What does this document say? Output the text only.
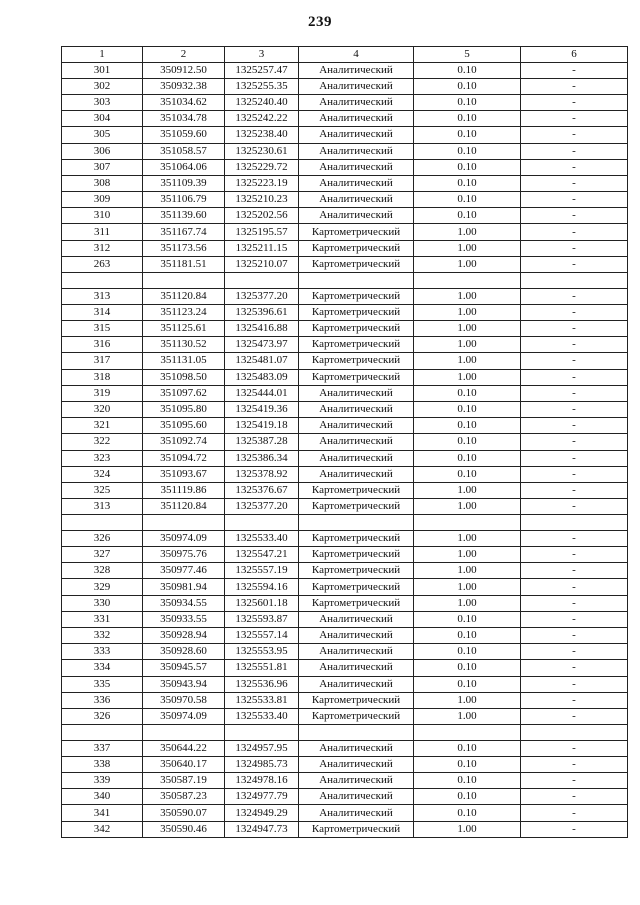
239
1	2	3	4	5	6
301	350912.50	1325257.47	Аналитический	0.10	-
302	350932.38	1325255.35	Аналитический	0.10	-
303	351034.62	1325240.40	Аналитический	0.10	-
304	351034.78	1325242.22	Аналитический	0.10	-
305	351059.60	1325238.40	Аналитический	0.10	-
306	351058.57	1325230.61	Аналитический	0.10	-
307	351064.06	1325229.72	Аналитический	0.10	-
308	351109.39	1325223.19	Аналитический	0.10	-
309	351106.79	1325210.23	Аналитический	0.10	-
310	351139.60	1325202.56	Аналитический	0.10	-
311	351167.74	1325195.57	Картометрический	1.00	-
312	351173.56	1325211.15	Картометрический	1.00	-
263	351181.51	1325210.07	Картометрический	1.00	-

313	351120.84	1325377.20	Картометрический	1.00	-
314	351123.24	1325396.61	Картометрический	1.00	-
315	351125.61	1325416.88	Картометрический	1.00	-
316	351130.52	1325473.97	Картометрический	1.00	-
317	351131.05	1325481.07	Картометрический	1.00	-
318	351098.50	1325483.09	Картометрический	1.00	-
319	351097.62	1325444.01	Аналитический	0.10	-
320	351095.80	1325419.36	Аналитический	0.10	-
321	351095.60	1325419.18	Аналитический	0.10	-
322	351092.74	1325387.28	Аналитический	0.10	-
323	351094.72	1325386.34	Аналитический	0.10	-
324	351093.67	1325378.92	Аналитический	0.10	-
325	351119.86	1325376.67	Картометрический	1.00	-
313	351120.84	1325377.20	Картометрический	1.00	-

326	350974.09	1325533.40	Картометрический	1.00	-
327	350975.76	1325547.21	Картометрический	1.00	-
328	350977.46	1325557.19	Картометрический	1.00	-
329	350981.94	1325594.16	Картометрический	1.00	-
330	350934.55	1325601.18	Картометрический	1.00	-
331	350933.55	1325593.87	Аналитический	0.10	-
332	350928.94	1325557.14	Аналитический	0.10	-
333	350928.60	1325553.95	Аналитический	0.10	-
334	350945.57	1325551.81	Аналитический	0.10	-
335	350943.94	1325536.96	Аналитический	0.10	-
336	350970.58	1325533.81	Картометрический	1.00	-
326	350974.09	1325533.40	Картометрический	1.00	-

337	350644.22	1324957.95	Аналитический	0.10	-
338	350640.17	1324985.73	Аналитический	0.10	-
339	350587.19	1324978.16	Аналитический	0.10	-
340	350587.23	1324977.79	Аналитический	0.10	-
341	350590.07	1324949.29	Аналитический	0.10	-
342	350590.46	1324947.73	Картометрический	1.00	-
